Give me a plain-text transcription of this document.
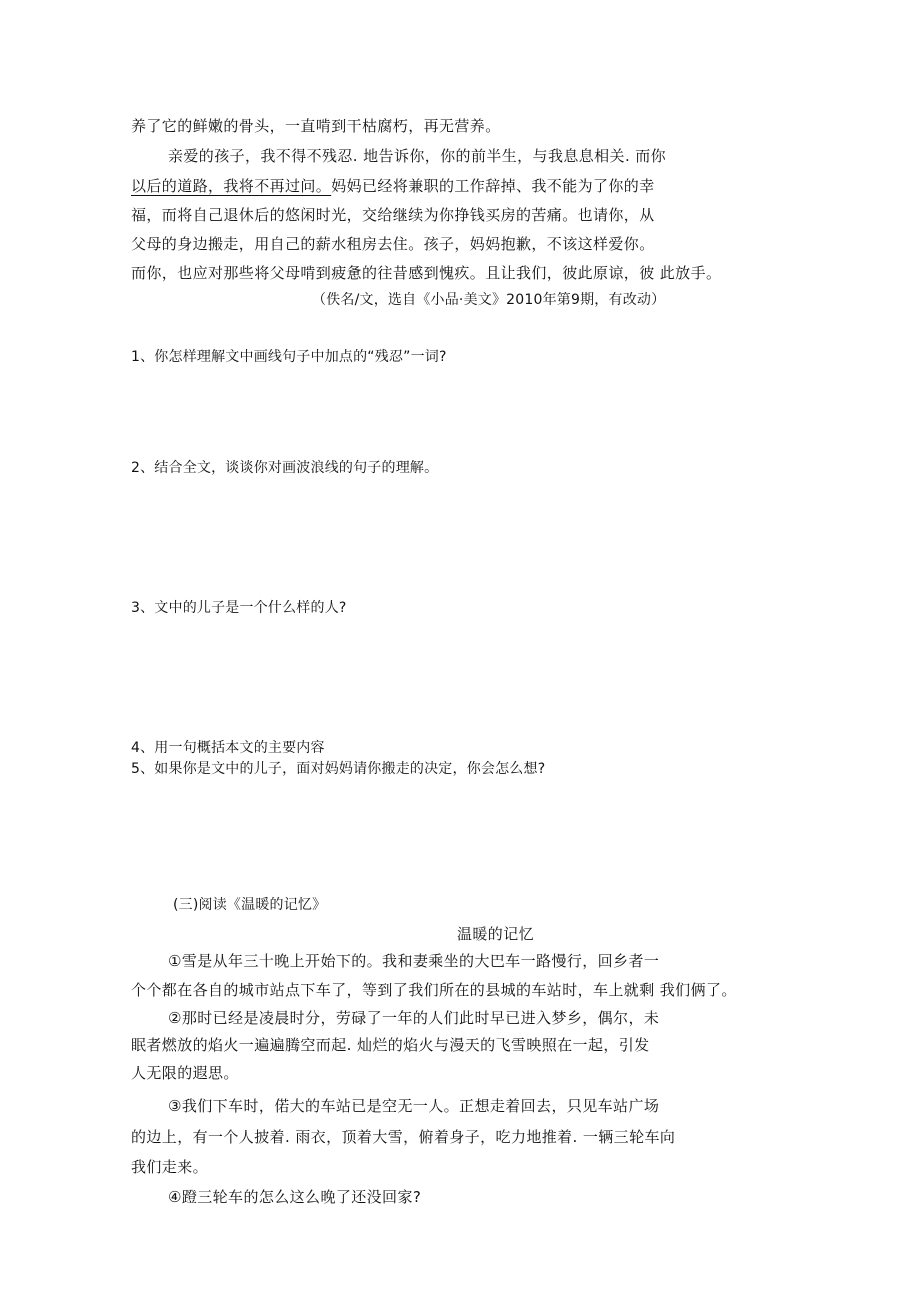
养了它的鲜嫩的骨头，一直啃到干枯腐朽，再无营养。
亲爱的孩子，我不得不残忍. 地告诉你，你的前半生，与我息息相关. 而你
以后的道路，我将不再过问。妈妈已经将兼职的工作辞掉、我不能为了你的幸
福，而将自己退休后的悠闲时光，交给继续为你挣钱买房的苦痛。也请你，从
父母的身边搬走，用自己的薪水租房去住。孩子，妈妈抱歉，不该这样爱你。
而你，也应对那些将父母啃到疲惫的往昔感到愧疚。且让我们，彼此原谅，彼 此放手。
（佚名/文，选自《小品·美文》2010年第9期，有改动）
1、你怎样理解文中画线句子中加点的“残忍”一词?
2、结合全文，谈谈你对画波浪线的句子的理解。
3、文中的儿子是一个什么样的人?
4、用一句概括本文的主要内容
5、如果你是文中的儿子，面对妈妈请你搬走的决定，你会怎么想?
(三)阅读《温暖的记忆》
温暖的记忆
①雪是从年三十晚上开始下的。我和妻乘坐的大巴车一路慢行，回乡者一
个个都在各自的城市站点下车了，等到了我们所在的县城的车站时，车上就剩 我们俩了。
②那时已经是凌晨时分，劳碌了一年的人们此时早已进入梦乡，偶尔，未
眠者燃放的焰火一遍遍腾空而起. 灿烂的焰火与漫天的飞雪映照在一起，引发
人无限的遐思。
③我们下车时，偌大的车站已是空无一人。正想走着回去，只见车站广场
的边上，有一个人披着. 雨衣，顶着大雪，俯着身子，吃力地推着. 一辆三轮车向
我们走来。
④蹬三轮车的怎么这么晚了还没回家?
